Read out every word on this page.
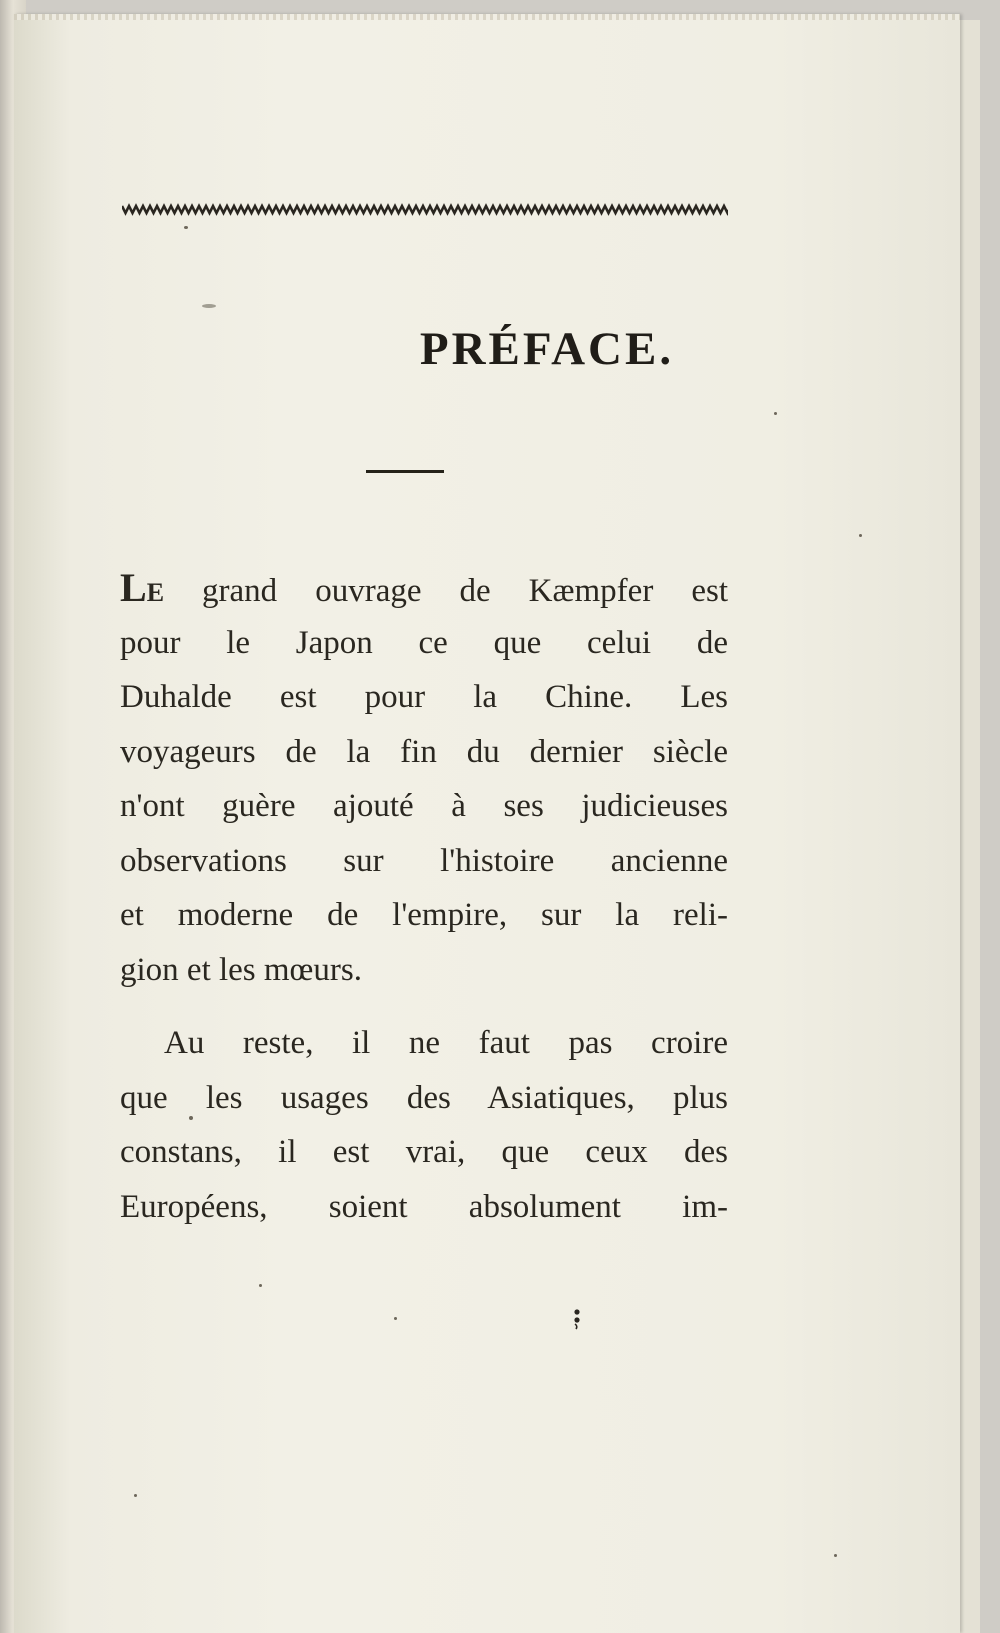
PRÉFACE.
LE grand ouvrage de Kæmpfer est
pour le Japon ce que celui de
Duhalde est pour la Chine. Les
voyageurs de la fin du dernier siècle
n'ont guère ajouté à ses judicieuses
observations sur l'histoire ancienne
et moderne de l'empire, sur la reli-
gion et les mœurs.
Au reste, il ne faut pas croire
que les usages des Asiatiques, plus
constans, il est vrai, que ceux des
Européens, soient absolument im-
